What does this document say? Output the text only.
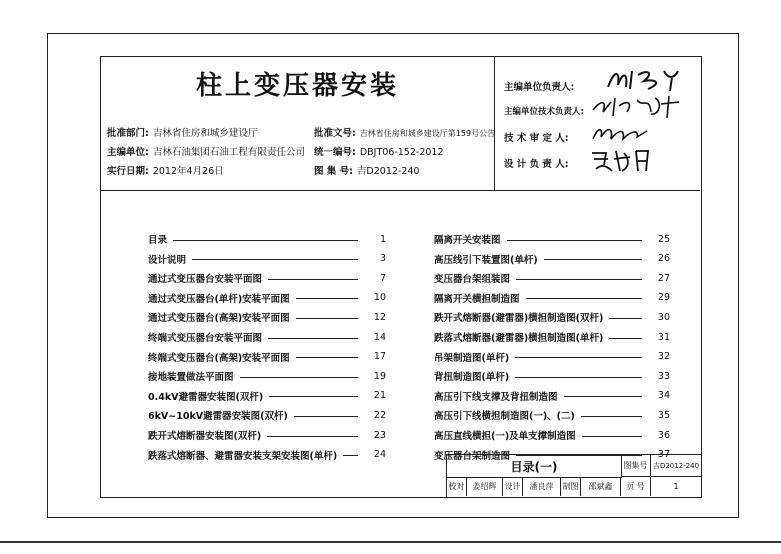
柱上变压器安装
批准部门: 吉林省住房和城乡建设厅	批准文号: 吉林省住房和城乡建设厅第159号公告
主编单位: 吉林石油集团石油工程有限责任公司 统一编号: DBJT06-152-2012
实行日期: 2012年4月26日	图 集 号: 吉D2012-240
主编单位负责人:
主编单位技术负责人:
技 术 审 定 人:
设 计 负 责 人:
目录	1
设计说明	3
通过式变压器台安装平面图	7
通过式变压器台(单杆)安装平面图	10
通过式变压器台(高架)安装平面图	12
终端式变压器台安装平面图	14
终端式变压器台(高架)安装平面图	17
接地装置做法平面图	19
0.4kV避雷器安装图(双杆)	21
6kV~10kV避雷器安装图(双杆)	22
跌开式熔断器安装图(双杆)	23
跌落式熔断器、避雷器安装支架安装图(单杆)	24
隔离开关安装图	25
高压线引下装置图(单杆)	26
变压器台架组装图	27
隔离开关横担制造图	29
跌开式熔断器(避雷器)横担制造图(双杆)	30
跌落式熔断器(避雷器)横担制造图(单杆)	31
吊架制造图(单杆)	32
背扭制造图(单杆)	33
高压引下线支撑及背扭制造图	34
高压引下线横担制造图(一)、(二)	35
高压直线横担(一)及单支撑制造图	36
变压器台架制造图	37
目录(一)	图集号 吉D2012-240
校对	姜绍辉	设计	潘良萍	制图	邵斌鑫	页 号	1
